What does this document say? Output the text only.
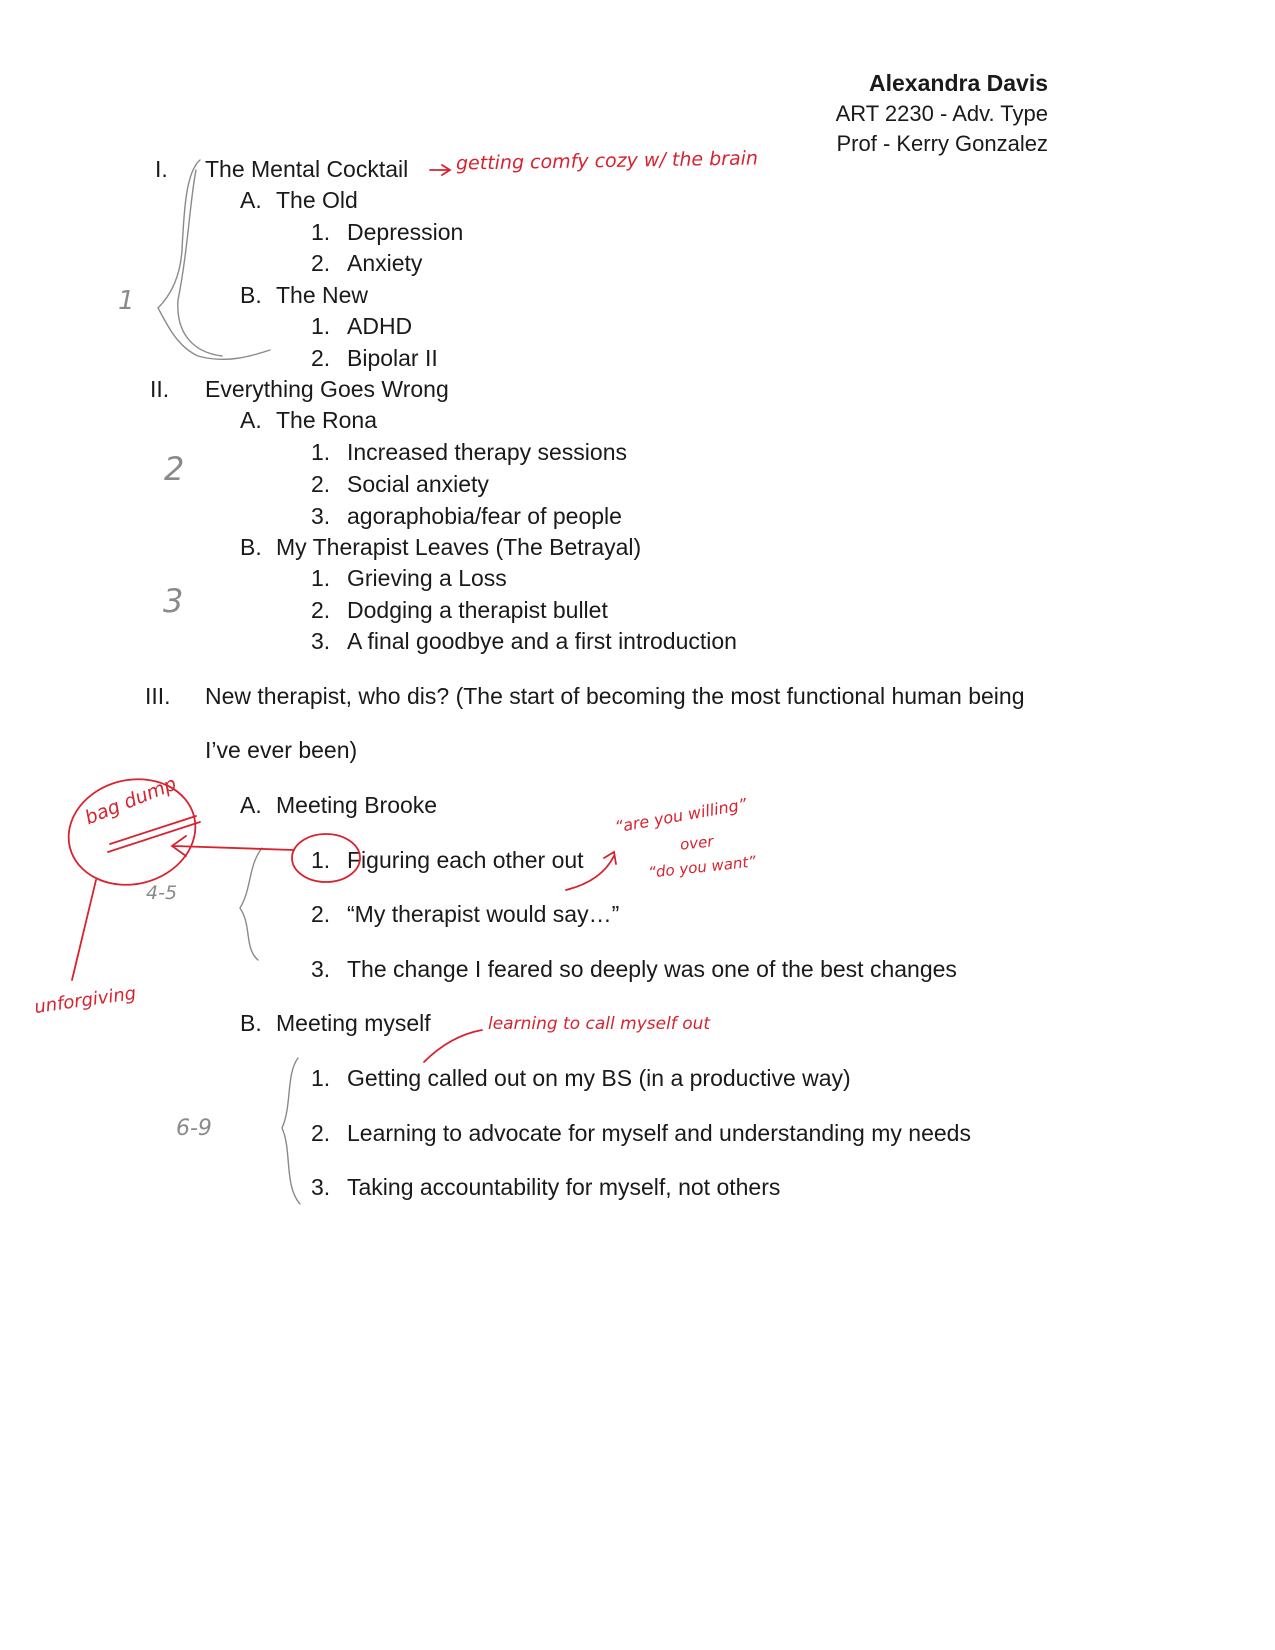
Alexandra Davis
ART 2230 - Adv. Type
Prof - Kerry Gonzalez
I. The Mental Cocktail
A. The Old
1. Depression
2. Anxiety
B. The New
1. ADHD
2. Bipolar II
II. Everything Goes Wrong
A. The Rona
1. Increased therapy sessions
2. Social anxiety
3. agoraphobia/fear of people
B. My Therapist Leaves (The Betrayal)
1. Grieving a Loss
2. Dodging a therapist bullet
3. A final goodbye and a first introduction
III. New therapist, who dis? (The start of becoming the most functional human being
I’ve ever been)
A. Meeting Brooke
1. Figuring each other out
2. “My therapist would say…”
3. The change I feared so deeply was one of the best changes
B. Meeting myself
1. Getting called out on my BS (in a productive way)
2. Learning to advocate for myself and understanding my needs
3. Taking accountability for myself, not others
getting comfy cozy w/ the brain
1
2
3
4-5
6-9
bag dump
unforgiving
“are you willing”
over
“do you want”
learning to call myself out
